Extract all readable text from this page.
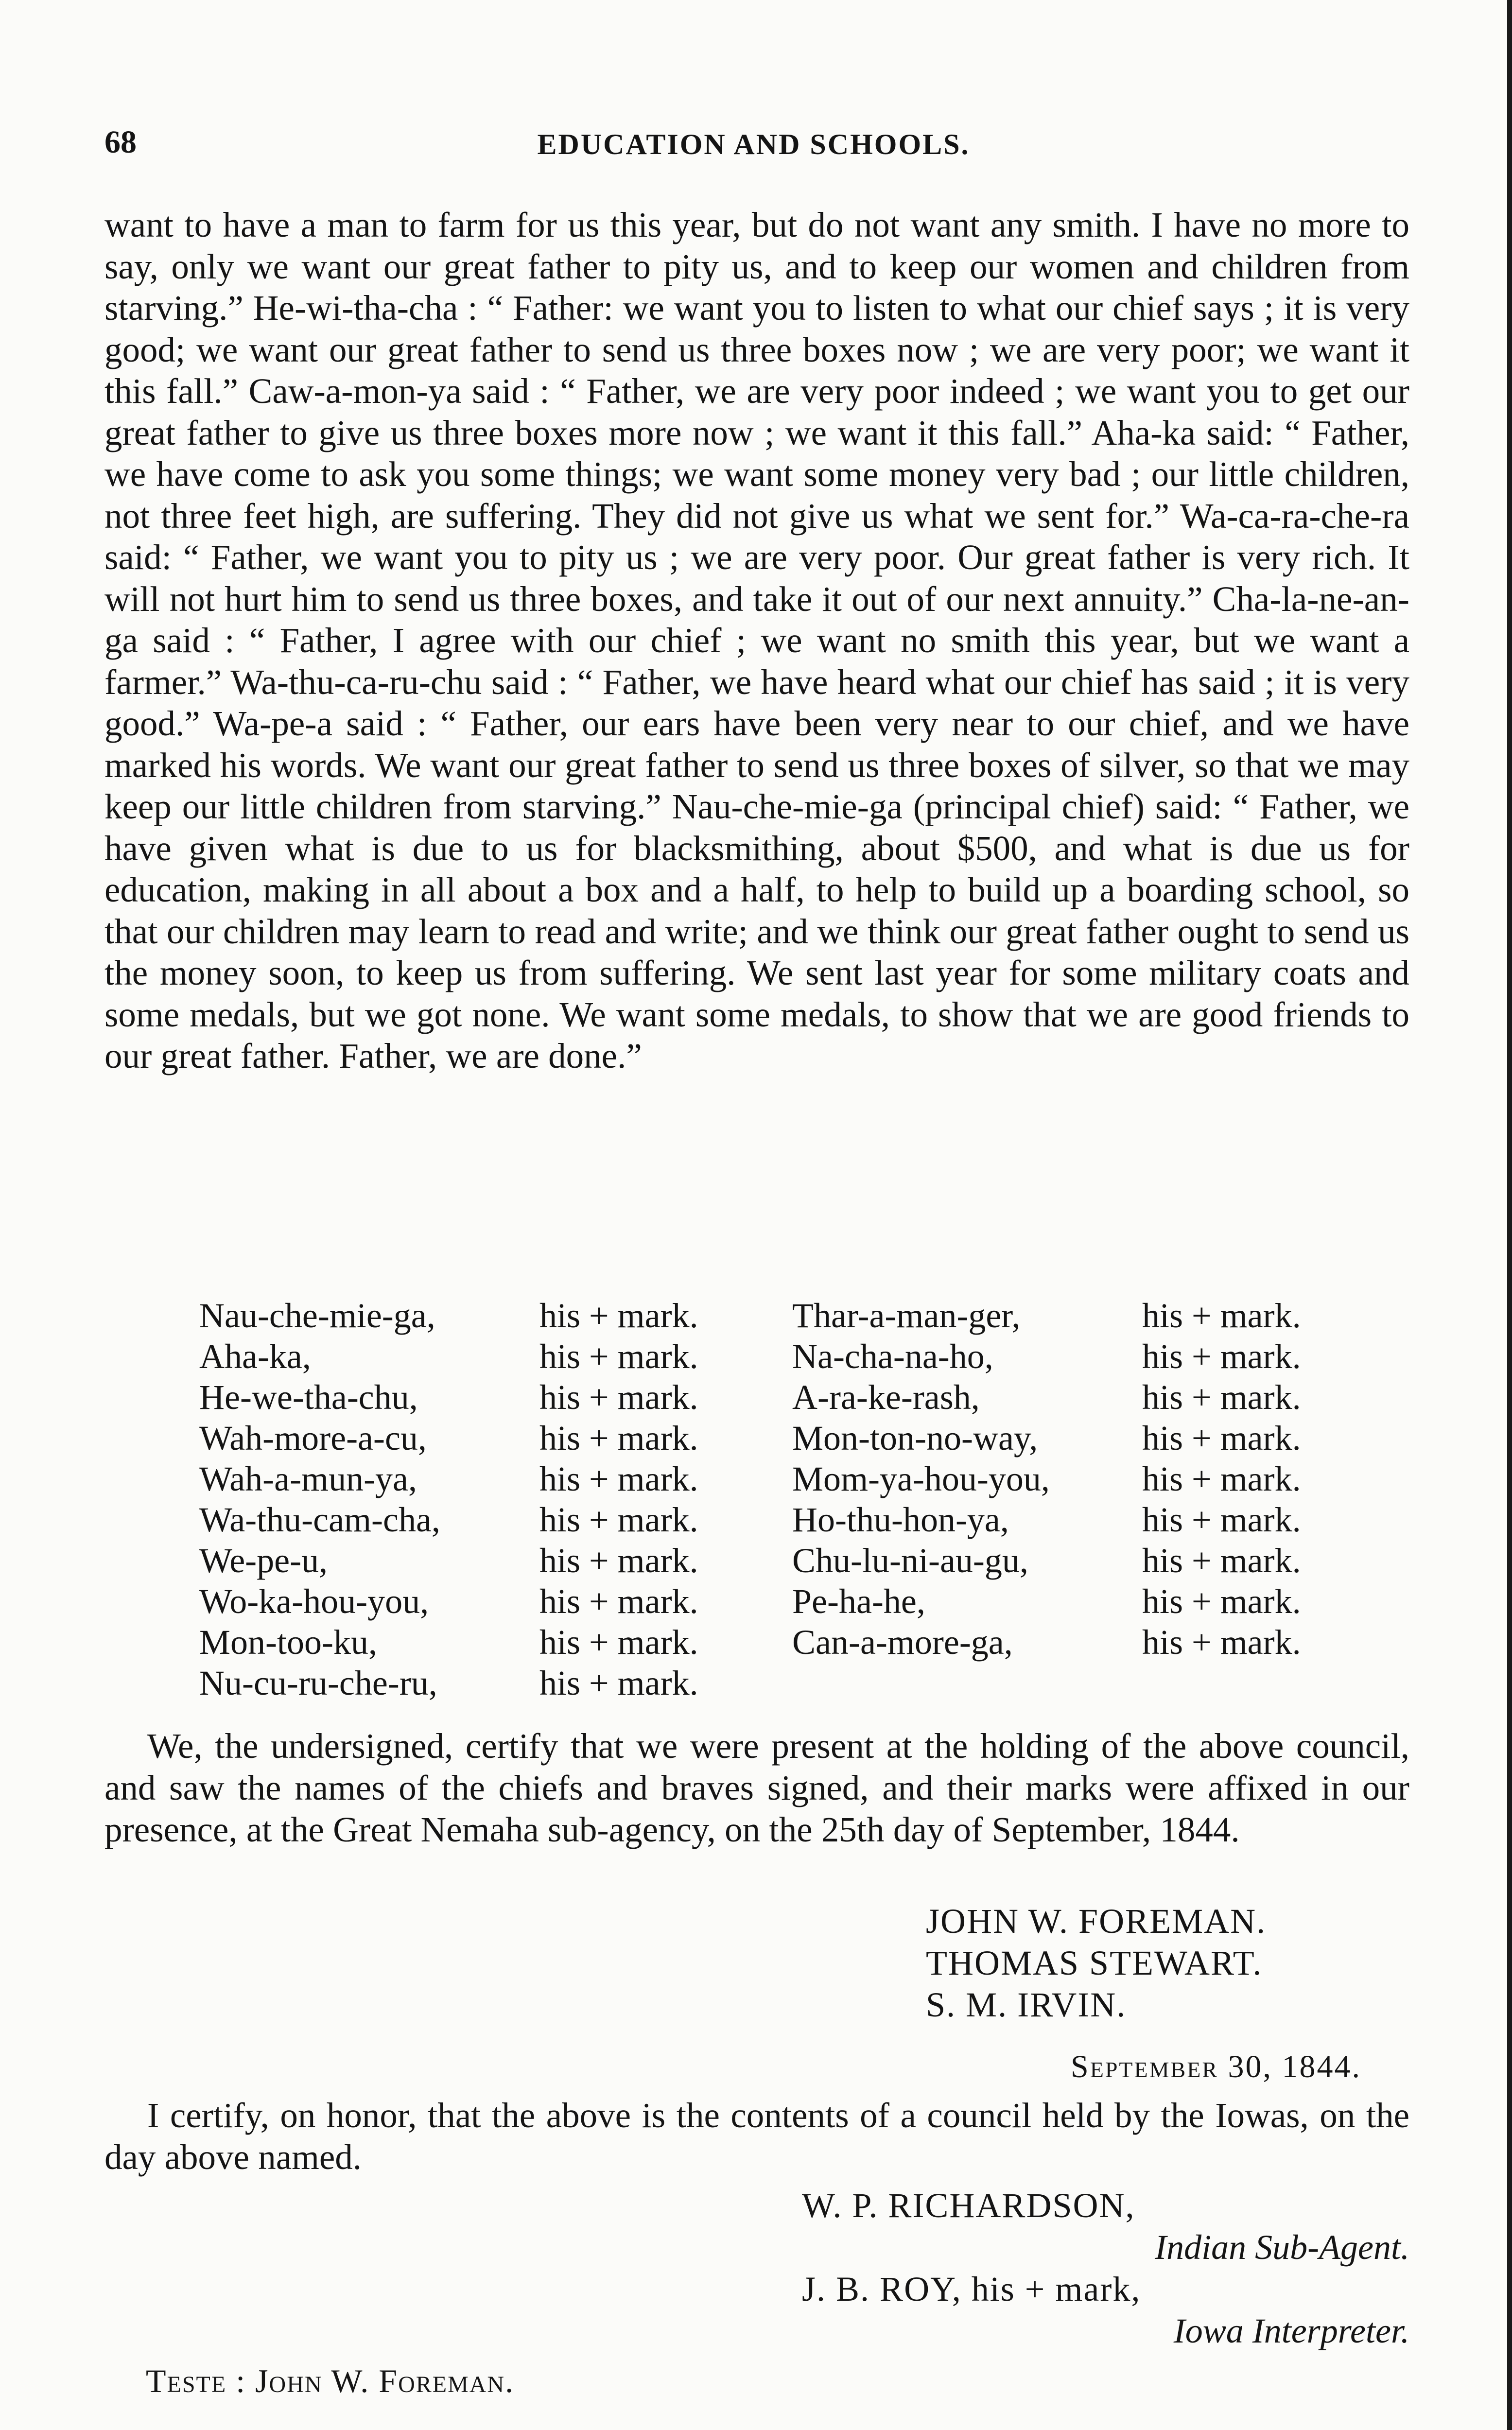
68	EDUCATION AND SCHOOLS.

want to have a man to farm for us this year, but do not want any smith. I have no more to say, only we want our great father to pity us, and to keep our women and children from starving.” He-wi-tha-cha : “ Father: we want you to listen to what our chief says ; it is very good; we want our great father to send us three boxes now ; we are very poor; we want it this fall.” Caw-a-mon-ya said : “ Father, we are very poor indeed ; we want you to get our great father to give us three boxes more now ; we want it this fall.” Aha-ka said: “ Father, we have come to ask you some things; we want some money very bad ; our little children, not three feet high, are suffering. They did not give us what we sent for.” Wa-ca-ra-che-ra said: “ Father, we want you to pity us ; we are very poor. Our great father is very rich. It will not hurt him to send us three boxes, and take it out of our next annuity.” Cha-la-ne-an-ga said : “ Father, I agree with our chief ; we want no smith this year, but we want a farmer.” Wa-thu-ca-ru-chu said : “ Father, we have heard what our chief has said ; it is very good.” Wa-pe-a said : “ Father, our ears have been very near to our chief, and we have marked his words. We want our great father to send us three boxes of silver, so that we may keep our little children from starving.” Nau-che-mie-ga (principal chief) said: “ Father, we have given what is due to us for blacksmithing, about $500, and what is due us for education, making in all about a box and a half, to help to build up a boarding school, so that our children may learn to read and write; and we think our great father ought to send us the money soon, to keep us from suffering. We sent last year for some military coats and some medals, but we got none. We want some medals, to show that we are good friends to our great father. Father, we are done.”

Nau-che-mie-ga,	his + mark.	Thar-a-man-ger,	his + mark.
Aha-ka,	his + mark.	Na-cha-na-ho,	his + mark.
He-we-tha-chu,	his + mark.	A-ra-ke-rash,	his + mark.
Wah-more-a-cu,	his + mark.	Mon-ton-no-way,	his + mark.
Wah-a-mun-ya,	his + mark.	Mom-ya-hou-you,	his + mark.
Wa-thu-cam-cha,	his + mark.	Ho-thu-hon-ya,	his + mark.
We-pe-u,	his + mark.	Chu-lu-ni-au-gu,	his + mark.
Wo-ka-hou-you,	his + mark.	Pe-ha-he,	his + mark.
Mon-too-ku,	his + mark.	Can-a-more-ga,	his + mark.
Nu-cu-ru-che-ru,	his + mark.

We, the undersigned, certify that we were present at the holding of the above council, and saw the names of the chiefs and braves signed, and their marks were affixed in our presence, at the Great Nemaha sub-agency, on the 25th day of September, 1844.

JOHN W. FOREMAN.
THOMAS STEWART.
S. M. IRVIN.
September 30, 1844.

I certify, on honor, that the above is the contents of a council held by the Iowas, on the day above named.

W. P. RICHARDSON,
Indian Sub-Agent.
J. B. ROY, his + mark,
Iowa Interpreter.
Teste : John W. Foreman.
